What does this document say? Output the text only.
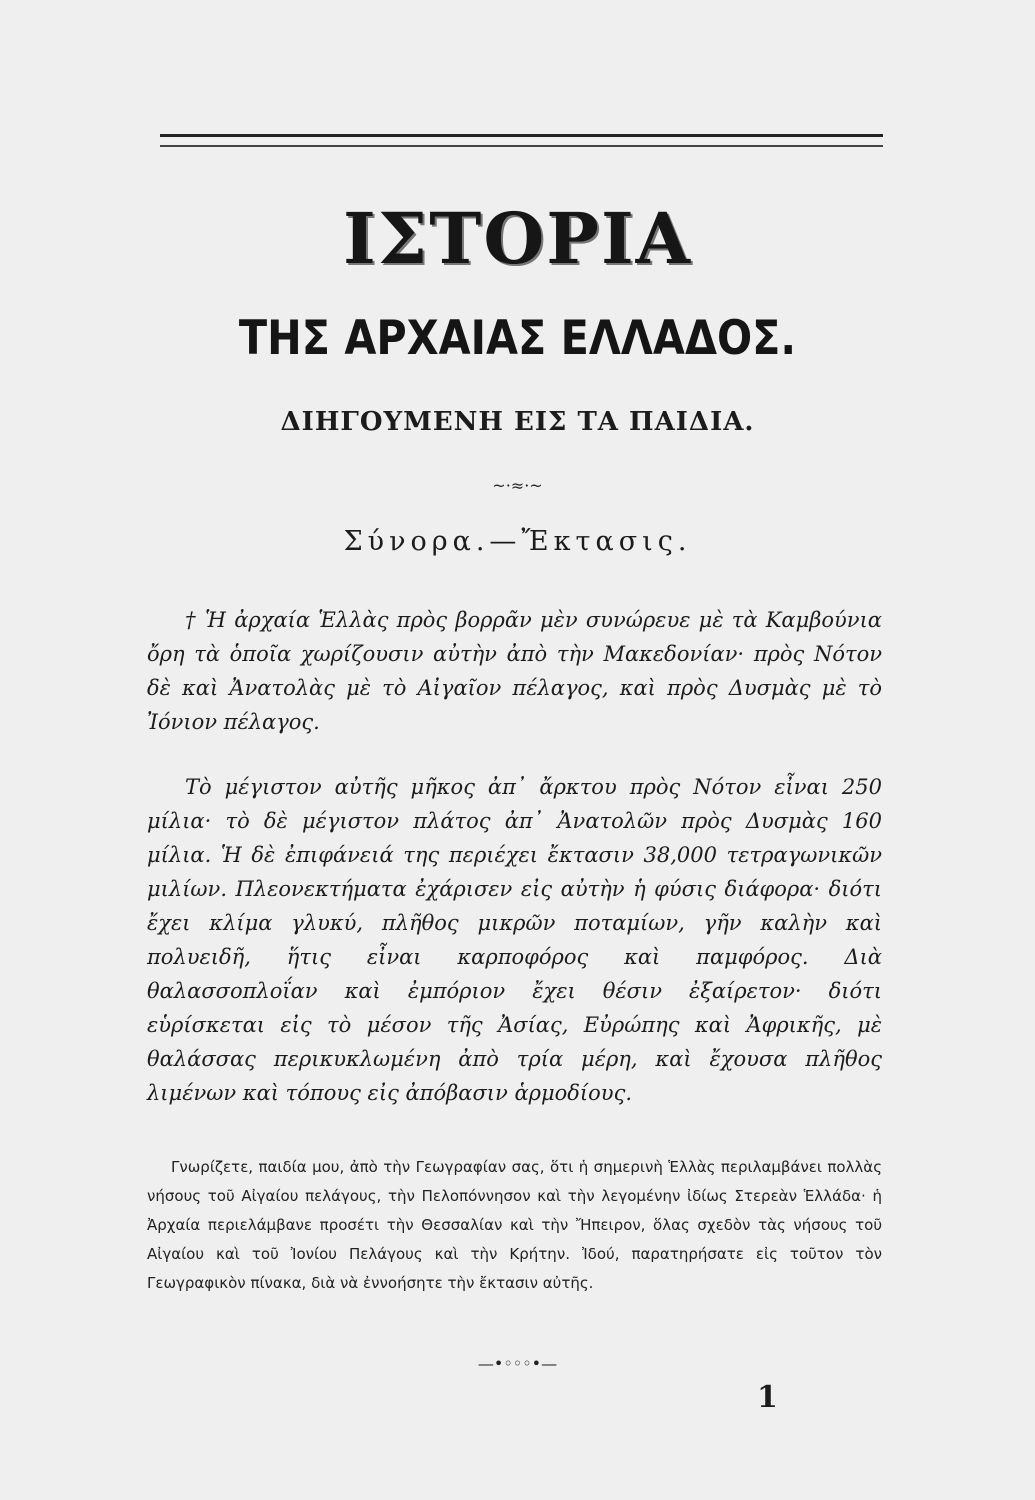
ΙΣΤΟΡΙΑ
ΤΗΣ ΑΡΧΑΙΑΣ ΕΛΛΑΔΟΣ.
ΔΙΗΓΟΥΜΕΝΗ ΕΙΣ ΤΑ ΠΑΙΔΙΑ.
~·≈·~
Σύνορα.—Ἔκτασις.

† Ἡ ἀρχαία Ἑλλὰς πρὸς βορρᾶν μὲν συνώρευε μὲ τὰ Καμβούνια ὄρη τὰ ὁποῖα χωρίζουσιν αὐτὴν ἀπὸ τὴν Μακεδονίαν· πρὸς Νότον δὲ καὶ Ἀνατολὰς μὲ τὸ Αἰγαῖον πέλαγος, καὶ πρὸς Δυσμὰς μὲ τὸ Ἰόνιον πέλαγος.

Τὸ μέγιστον αὐτῆς μῆκος ἀπ᾽ ἄρκτου πρὸς Νότον εἶναι 250 μίλια· τὸ δὲ μέγιστον πλάτος ἀπ᾽ Ἀνατολῶν πρὸς Δυσμὰς 160 μίλια. Ἡ δὲ ἐπιφάνειά της περιέχει ἔκτασιν 38,000 τετραγωνικῶν μιλίων. Πλεονεκτήματα ἐχάρισεν εἰς αὐτὴν ἡ φύσις διάφορα· διότι ἔχει κλίμα γλυκύ, πλῆθος μικρῶν ποταμίων, γῆν καλὴν καὶ πολυειδῆ, ἥτις εἶναι καρποφόρος καὶ παμφόρος. Διὰ θαλασσοπλοΐαν καὶ ἐμπόριον ἔχει θέσιν ἐξαίρετον· διότι εὑρίσκεται εἰς τὸ μέσον τῆς Ἀσίας, Εὐρώπης καὶ Ἀφρικῆς, μὲ θαλάσσας περικυκλωμένη ἀπὸ τρία μέρη, καὶ ἔχουσα πλῆθος λιμένων καὶ τόπους εἰς ἀπόβασιν ἁρμοδίους.

Γνωρίζετε, παιδία μου, ἀπὸ τὴν Γεωγραφίαν σας, ὅτι ἡ σημερινὴ Ἑλλὰς περιλαμβάνει πολλὰς νήσους τοῦ Αἰγαίου πελάγους, τὴν Πελοπόννησον καὶ τὴν λεγομένην ἰδίως Στερεὰν Ἑλλάδα· ἡ Ἀρχαία περιελάμβανε προσέτι τὴν Θεσσαλίαν καὶ τὴν Ἤπειρον, ὅλας σχεδὸν τὰς νήσους τοῦ Αἰγαίου καὶ τοῦ Ἰονίου Πελάγους καὶ τὴν Κρήτην. Ἰδού, παρατηρήσατε εἰς τοῦτον τὸν Γεωγραφικὸν πίνακα, διὰ νὰ ἐννοήσητε τὴν ἔκτασιν αὐτῆς.

—•◦◦◦•—
1
